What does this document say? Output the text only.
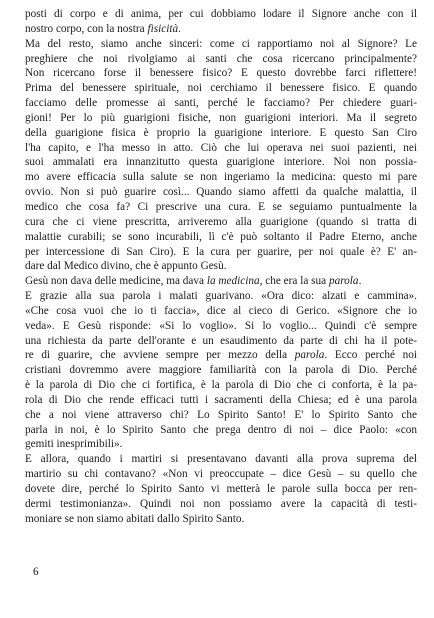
posti di corpo e di anima, per cui dobbiamo lodare il Signore anche con il
nostro corpo, con la nostra fisicità.
Ma del resto, siamo anche sinceri: come ci rapportiamo noi al Signore? Le
preghiere che noi rivolgiamo ai santi che cosa ricercano principalmente?
Non ricercano forse il benessere fisico? E questo dovrebbe farci riflettere!
Prima del benessere spirituale, noi cerchiamo il benessere fisico. E quando
facciamo delle promesse ai santi, perché le facciamo? Per chiedere guari-
gioni! Per lo più guarigioni fisiche, non guarigioni interiori. Ma il segreto
della guarigione fisica è proprio la guarigione interiore. E questo San Ciro
l'ha capito, e l'ha messo in atto. Ciò che lui operava nei suoi pazienti, nei
suoi ammalati era innanzitutto questa guarigione interiore. Noi non possia-
mo avere efficacia sulla salute se non ingeriamo la medicina: questo mi pare
ovvio. Non si può guarire così... Quando siamo affetti da qualche malattia, il
medico che cosa fa? Ci prescrive una cura. E se seguiamo puntualmente la
cura che ci viene prescritta, arriveremo alla guarigione (quando si tratta di
malattie curabili; se sono incurabili, lì c'è può soltanto il Padre Eterno, anche
per intercessione di San Ciro). E la cura per guarire, per noi quale è? E' an-
dare dal Medico divino, che è appunto Gesù.
Gesù non dava delle medicine, ma dava la medicina, che era la sua parola.
E grazie alla sua parola i malati guarivano. «Ora dico: alzati e cammina».
«Che cosa vuoi che io ti faccia», dice al cieco di Gerico. «Signore che io
veda». E Gesù risponde: «Si lo voglio». Si lo voglio... Quindi c'è sempre
una richiesta da parte dell'orante e un esaudimento da parte di chi ha il pote-
re di guarire, che avviene sempre per mezzo della parola. Ecco perché noi
cristiani dovremmo avere maggiore familiarità con la parola di Dio. Perché
è la parola di Dio che ci fortifica, è la parola di Dio che ci conforta, è la pa-
rola di Dio che rende efficaci tutti i sacramenti della Chiesa; ed è una parola
che a noi viene attraverso chi? Lo Spirito Santo! E' lo Spirito Santo che
parla in noi, è lo Spirito Santo che prega dentro di noi – dice Paolo: «con
gemiti inesprimibili».
E allora, quando i martiri si presentavano davanti alla prova suprema del
martirio su chi contavano? «Non vi preoccupate – dice Gesù – su quello che
dovete dire, perché lo Spirito Santo vi metterà le parole sulla bocca per ren-
dermi testimonianza». Quindi noi non possiamo avere la capacità di testi-
moniare se non siamo abitati dallo Spirito Santo.
6
